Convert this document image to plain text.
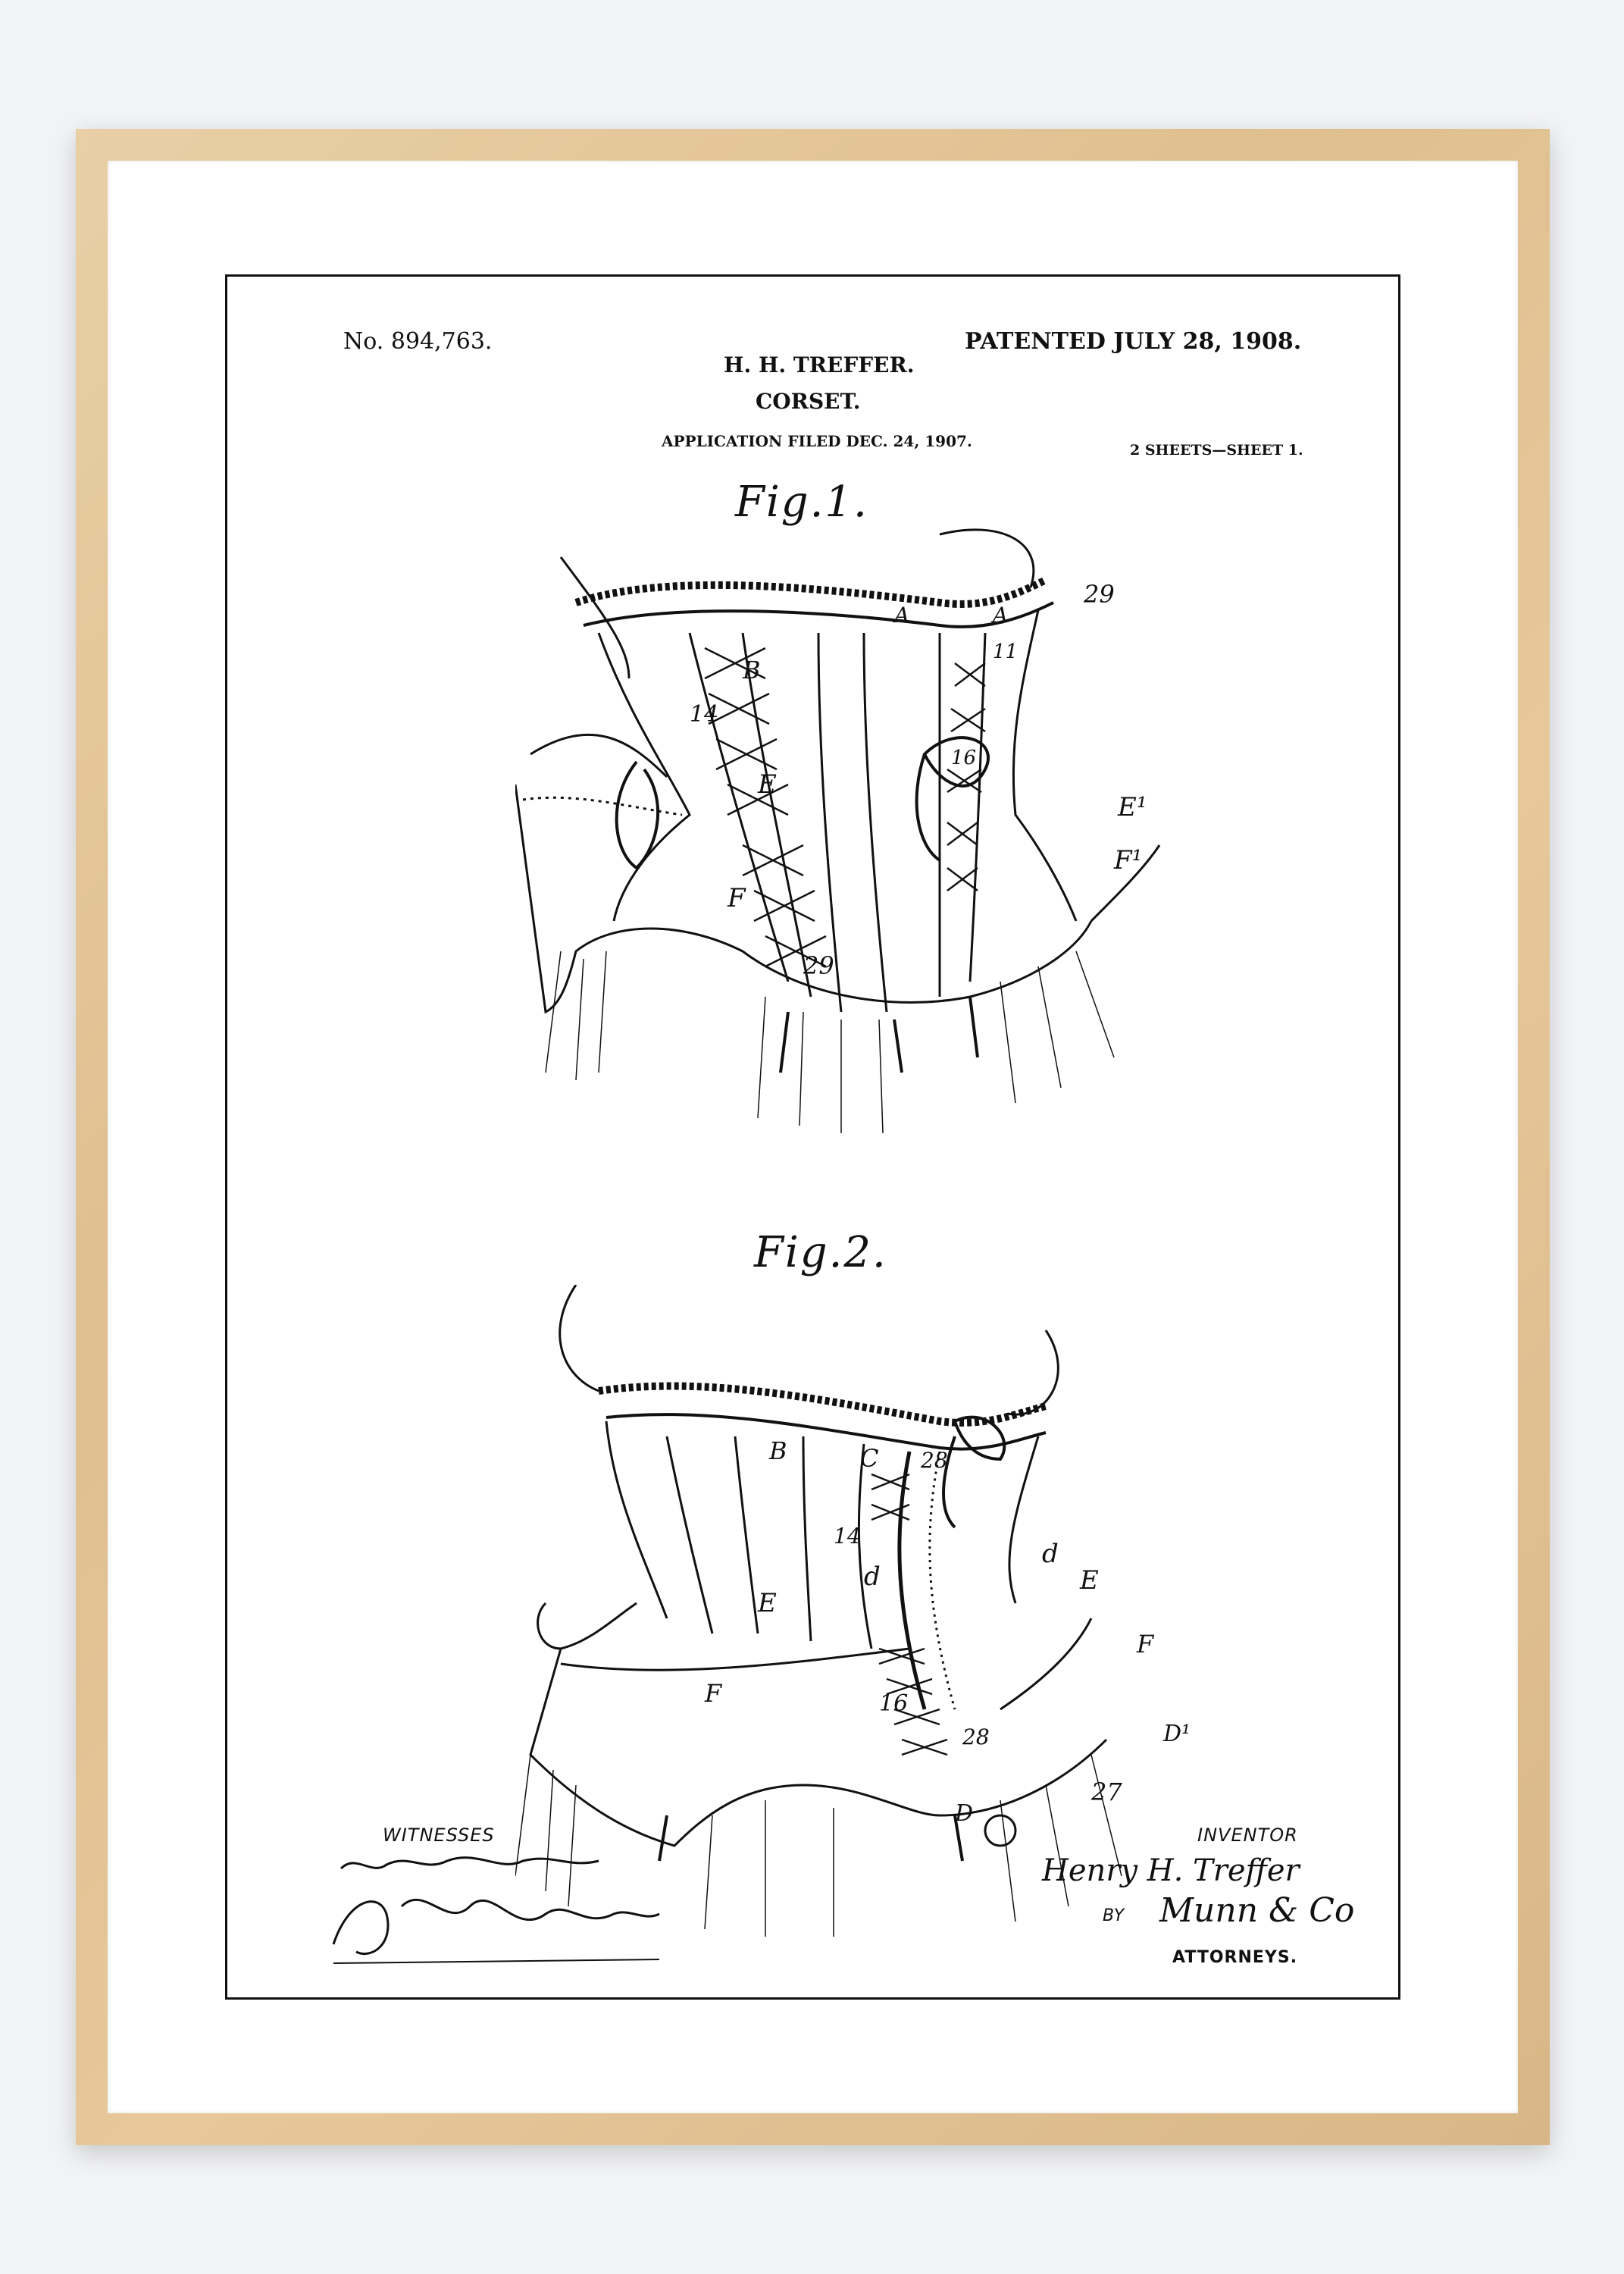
No. 894,763.
H. H. TREFFER.
CORSET.
APPLICATION FILED DEC. 24, 1907.
PATENTED JULY 28, 1908.
2 SHEETS—SHEET 1.
Fig.1.
Fig.2.
29
A	A
11
B
14
16
E
E¹
F
F¹
29
B	C 28
14
d
d
E
E
F
16
F
28	D¹
D
27
WITNESSES	INVENTOR
Henry H. Treffer
BY Munn & Co
ATTORNEYS.
